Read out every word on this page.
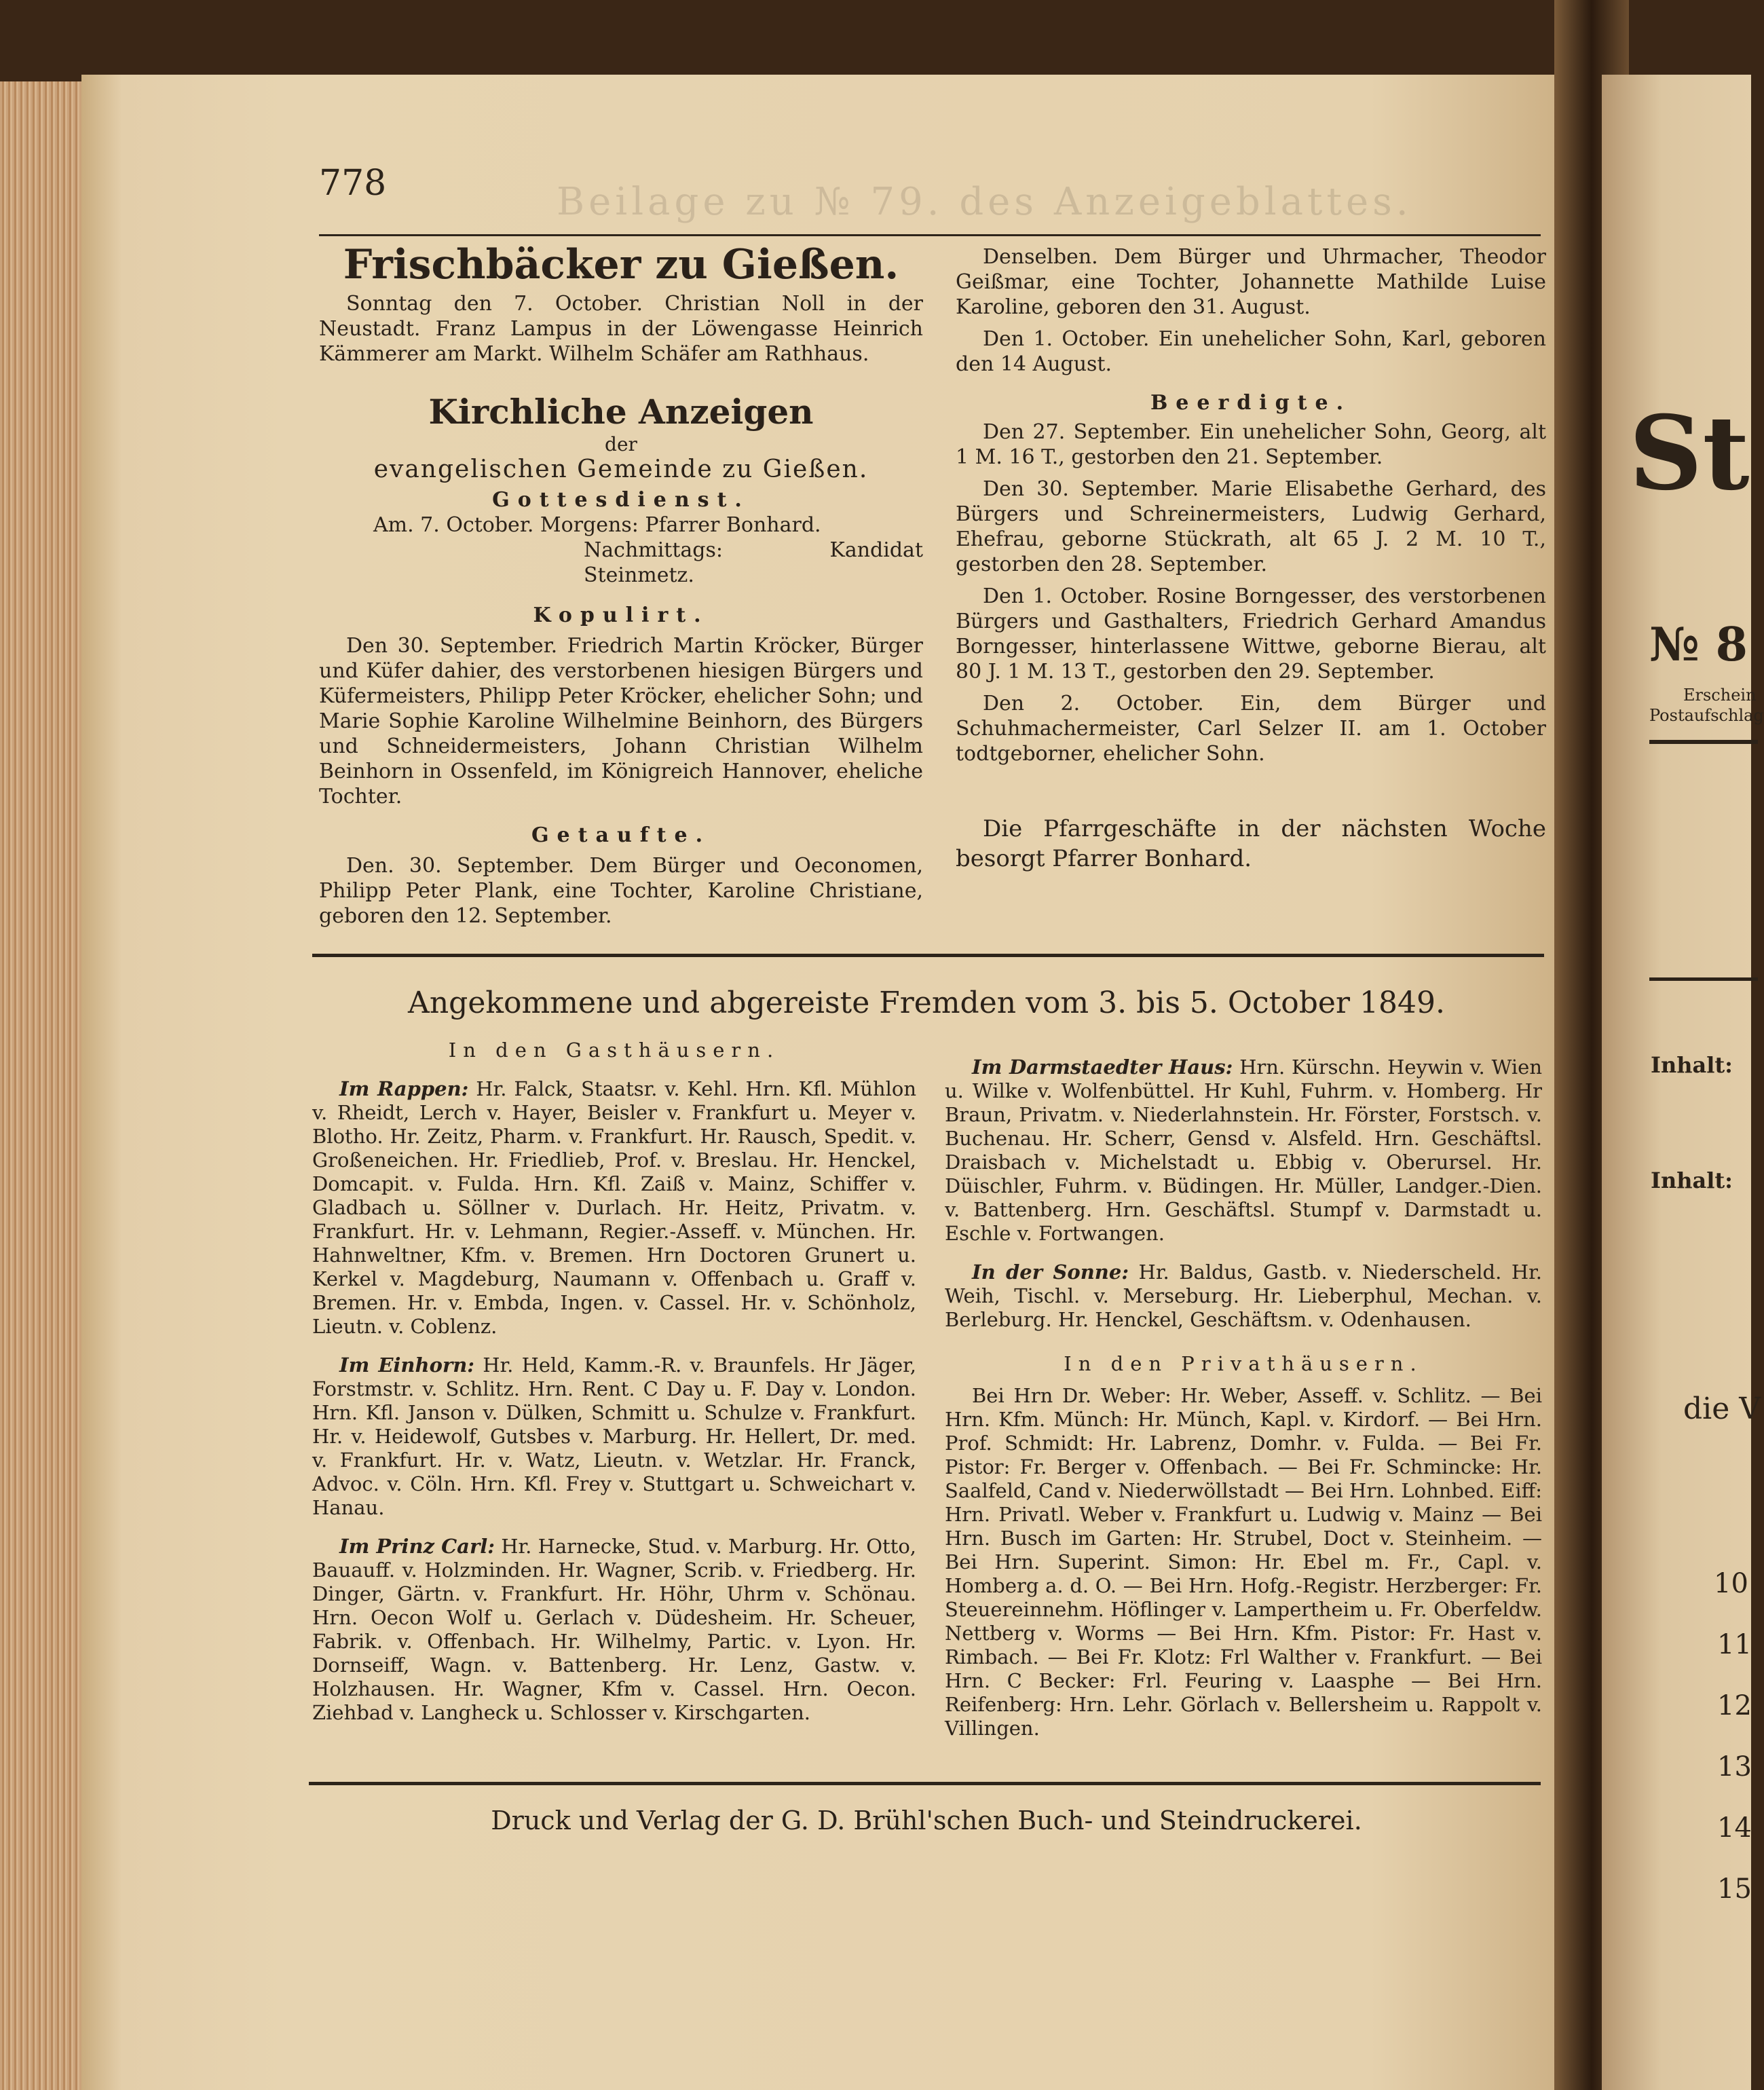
St
№ 8
Erschein
Postaufschlag
Inhalt:
Inhalt:
die V
10
11
12
13
14
15
778	Beilage zu № 79. des Anzeigeblattes.

Frischbäcker zu Gießen.

Sonntag den 7. October. Christian Noll in der Neustadt. Franz Lampus in der Löwengasse Heinrich Kämmerer am Markt. Wilhelm Schäfer am Rathhaus.

Kirchliche Anzeigen

der

evangelischen Gemeinde zu Gießen.

Gottesdienst.

Am. 7. October. Morgens: Pfarrer Bonhard.

Nachmittags: Kandidat Steinmetz.

Kopulirt.

Den 30. September. Friedrich Martin Kröcker, Bürger und Küfer dahier, des verstorbenen hiesigen Bürgers und Küfermeisters, Philipp Peter Kröcker, ehelicher Sohn; und Marie Sophie Karoline Wilhelmine Beinhorn, des Bürgers und Schneidermeisters, Johann Christian Wilhelm Beinhorn in Ossenfeld, im Königreich Hannover, eheliche Tochter.

Getaufte.

Den. 30. September. Dem Bürger und Oeconomen, Philipp Peter Plank, eine Tochter, Karoline Christiane, geboren den 12. September.

Denselben. Dem Bürger und Uhrmacher, Theodor Geißmar, eine Tochter, Johannette Mathilde Luise Karoline, geboren den 31. August.

Den 1. October. Ein unehelicher Sohn, Karl, geboren den 14 August.

Beerdigte.

Den 27. September. Ein unehelicher Sohn, Georg, alt 1 M. 16 T., gestorben den 21. September.

Den 30. September. Marie Elisabethe Gerhard, des Bürgers und Schreinermeisters, Ludwig Gerhard, Ehefrau, geborne Stückrath, alt 65 J. 2 M. 10 T., gestorben den 28. September.

Den 1. October. Rosine Borngesser, des verstorbenen Bürgers und Gasthalters, Friedrich Gerhard Amandus Borngesser, hinterlassene Wittwe, geborne Bierau, alt 80 J. 1 M. 13 T., gestorben den 29. September.

Den 2. October. Ein, dem Bürger und Schuhmachermeister, Carl Selzer II. am 1. October todtgeborner, ehelicher Sohn.

Die Pfarrgeschäfte in der nächsten Woche besorgt Pfarrer Bonhard.

Angekommene und abgereiste Fremden vom 3. bis 5. October 1849.

In den Gasthäusern.

Im Rappen: Hr. Falck, Staatsr. v. Kehl. Hrn. Kfl. Mühlon v. Rheidt, Lerch v. Hayer, Beisler v. Frankfurt u. Meyer v. Blotho. Hr. Zeitz, Pharm. v. Frankfurt. Hr. Rausch, Spedit. v. Großeneichen. Hr. Friedlieb, Prof. v. Breslau. Hr. Henckel, Domcapit. v. Fulda. Hrn. Kfl. Zaiß v. Mainz, Schiffer v. Gladbach u. Söllner v. Durlach. Hr. Heitz, Privatm. v. Frankfurt. Hr. v. Lehmann, Regier.-Asseff. v. München. Hr. Hahnweltner, Kfm. v. Bremen. Hrn Doctoren Grunert u. Kerkel v. Magdeburg, Naumann v. Offenbach u. Graff v. Bremen. Hr. v. Embda, Ingen. v. Cassel. Hr. v. Schönholz, Lieutn. v. Coblenz.

Im Einhorn: Hr. Held, Kamm.-R. v. Braunfels. Hr Jäger, Forstmstr. v. Schlitz. Hrn. Rent. C Day u. F. Day v. London. Hrn. Kfl. Janson v. Dülken, Schmitt u. Schulze v. Frankfurt. Hr. v. Heidewolf, Gutsbes v. Marburg. Hr. Hellert, Dr. med. v. Frankfurt. Hr. v. Watz, Lieutn. v. Wetzlar. Hr. Franck, Advoc. v. Cöln. Hrn. Kfl. Frey v. Stuttgart u. Schweichart v. Hanau.

Im Prinz Carl: Hr. Harnecke, Stud. v. Marburg. Hr. Otto, Bauauff. v. Holzminden. Hr. Wagner, Scrib. v. Friedberg. Hr. Dinger, Gärtn. v. Frankfurt. Hr. Höhr, Uhrm v. Schönau. Hrn. Oecon Wolf u. Gerlach v. Düdesheim. Hr. Scheuer, Fabrik. v. Offenbach. Hr. Wilhelmy, Partic. v. Lyon. Hr. Dornseiff, Wagn. v. Battenberg. Hr. Lenz, Gastw. v. Holzhausen. Hr. Wagner, Kfm v. Cassel. Hrn. Oecon. Ziehbad v. Langheck u. Schlosser v. Kirschgarten.

Im Darmstaedter Haus: Hrn. Kürschn. Heywin v. Wien u. Wilke v. Wolfenbüttel. Hr Kuhl, Fuhrm. v. Homberg. Hr Braun, Privatm. v. Niederlahnstein. Hr. Förster, Forstsch. v. Buchenau. Hr. Scherr, Gensd v. Alsfeld. Hrn. Geschäftsl. Draisbach v. Michelstadt u. Ebbig v. Oberursel. Hr. Düischler, Fuhrm. v. Büdingen. Hr. Müller, Landger.-Dien. v. Battenberg. Hrn. Geschäftsl. Stumpf v. Darmstadt u. Eschle v. Fortwangen.

In der Sonne: Hr. Baldus, Gastb. v. Niederscheld. Hr. Weih, Tischl. v. Merseburg. Hr. Lieberphul, Mechan. v. Berleburg. Hr. Henckel, Geschäftsm. v. Odenhausen.

In den Privathäusern.

Bei Hrn Dr. Weber: Hr. Weber, Asseff. v. Schlitz. — Bei Hrn. Kfm. Münch: Hr. Münch, Kapl. v. Kirdorf. — Bei Hrn. Prof. Schmidt: Hr. Labrenz, Domhr. v. Fulda. — Bei Fr. Pistor: Fr. Berger v. Offenbach. — Bei Fr. Schmincke: Hr. Saalfeld, Cand v. Niederwöllstadt — Bei Hrn. Lohnbed. Eiff: Hrn. Privatl. Weber v. Frankfurt u. Ludwig v. Mainz — Bei Hrn. Busch im Garten: Hr. Strubel, Doct v. Steinheim. — Bei Hrn. Superint. Simon: Hr. Ebel m. Fr., Capl. v. Homberg a. d. O. — Bei Hrn. Hofg.-Registr. Herzberger: Fr. Steuereinnehm. Höflinger v. Lampertheim u. Fr. Oberfeldw. Nettberg v. Worms — Bei Hrn. Kfm. Pistor: Fr. Hast v. Rimbach. — Bei Fr. Klotz: Frl Walther v. Frankfurt. — Bei Hrn. C Becker: Frl. Feuring v. Laasphe — Bei Hrn. Reifenberg: Hrn. Lehr. Görlach v. Bellersheim u. Rappolt v. Villingen.

Druck und Verlag der G. D. Brühl'schen Buch- und Steindruckerei.
